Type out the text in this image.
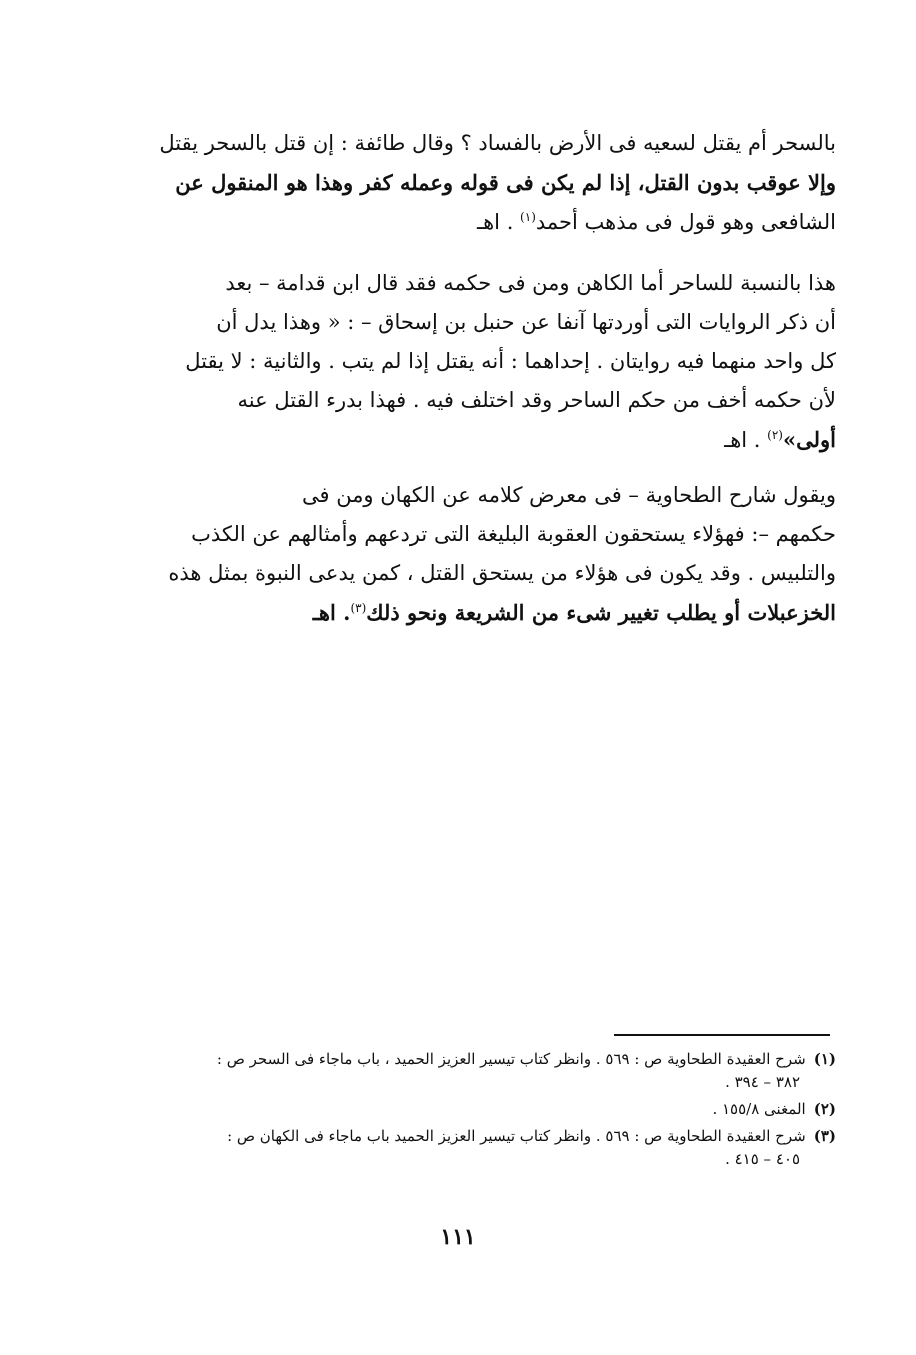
بالسحر أم يقتل لسعيه فى الأرض بالفساد ؟ وقال طائفة : إن قتل بالسحر يقتل
وإلا عوقب بدون القتل، إذا لم يكن فى قوله وعمله كفر وهذا هو المنقول عن
الشافعى وهو قول فى مذهب أحمد$^{(١)}$ . اهـ

هذا بالنسبة للساحر أما الكاهن ومن فى حكمه فقد قال ابن قدامة – بعد
أن ذكر الروايات التى أوردتها آنفا عن حنبل بن إسحاق – : « وهذا يدل أن
كل واحد منهما فيه روايتان . إحداهما : أنه يقتل إذا لم يتب . والثانية : لا يقتل
لأن حكمه أخف من حكم الساحر وقد اختلف فيه . فهذا بدرء القتل عنه
أولى»$^{(٢)}$ . اهـ

ويقول شارح الطحاوية – فى معرض كلامه عن الكهان ومن فى
حكمهم –: فهؤلاء يستحقون العقوبة البليغة التى تردعهم وأمثالهم عن الكذب
والتلبيس . وقد يكون فى هؤلاء من يستحق القتل ، كمن يدعى النبوة بمثل هذه
الخزعبلات أو يطلب تغيير شىء من الشريعة ونحو ذلك$^{(٣)}$. اهـ

(١)شرح العقيدة الطحاوية ص : ٥٦٩ . وانظر كتاب تيسير العزيز الحميد ، باب ماجاء فى السحر ص :
٣٨٢ – ٣٩٤ .

(٢)المغنى ١٥٥/٨ .

(٣)شرح العقيدة الطحاوية ص : ٥٦٩ . وانظر كتاب تيسير العزيز الحميد باب ماجاء فى الكهان ص :
٤٠٥ – ٤١٥ .

١١١
